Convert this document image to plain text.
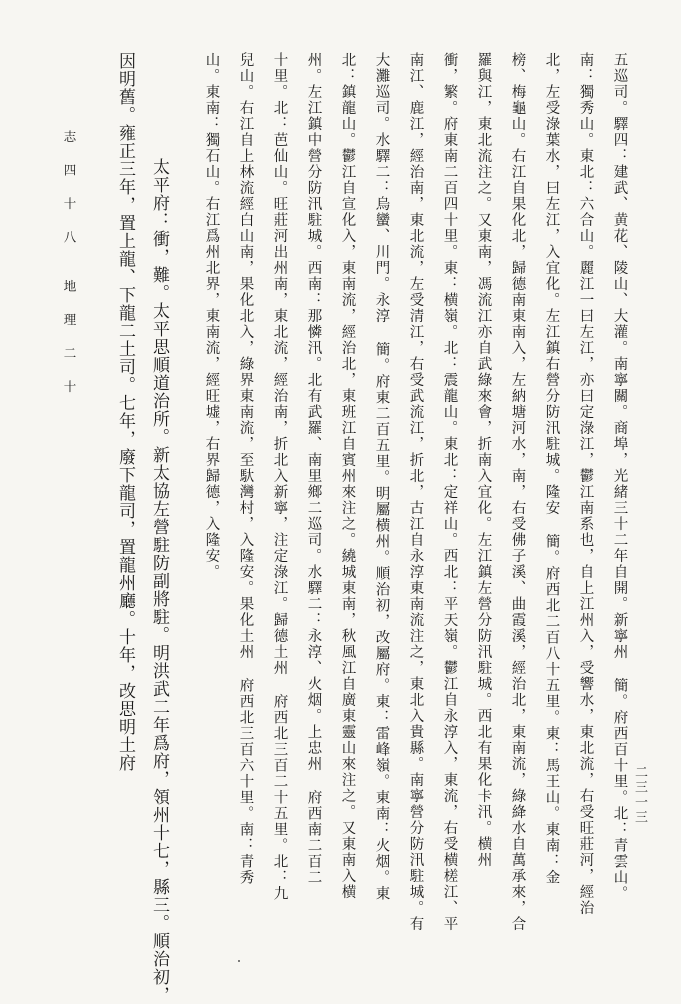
二三一三
五巡司。驛四：建武、黄花、陵山、大灌。南寧關。商埠，光緒三十二年自開。新寧州 簡。府西百十里。北：青雲山。
南：獨秀山。東北：六合山。麗江一曰左江，亦曰定淥江，鬱江南系也，自上江州入，受響水，東北流，右受旺莊河，經治
北，左受淥葉水，曰左江，入宜化。左江鎮右營分防汛駐城。隆安 簡。府西北二百八十五里。東：馬王山。東南：金
榜、梅龜山。右江自果化北，歸德南東南入，左納塘河水，南，右受佛子溪、曲霞溪，經治北，東南流，綠絳水自萬承來，合
羅與江，東北流注之。又東南，馮流江亦自武綠來會，折南入宜化。左江鎮左營分防汛駐城。西北有果化卡汛。横州
衝，繁。府東南二百四十里。東：横嶺。北：震龍山。東北：定祥山。西北：平天嶺。鬱江自永淳入，東流，右受横槎江、平
南江、鹿江，經治南，東北流，左受清江，右受武流江，折北，古江自永淳東南流注之，東北入貴縣。南寧營分防汛駐城。有
大灘巡司。水驛二：烏蠻、川門。永淳 簡。府東二百五里。明屬横州。順治初，改屬府。東：雷峰嶺。東南：火烟。東
北：鎮龍山。鬱江自宣化入，東南流，經治北，東班江自賓州來注之。繞城東南，秋風江自廣東靈山來注之。又東南入横
州。左江鎮中營分防汛駐城。西南：那憐汛。北有武羅、南里鄉二巡司。水驛二：永淳、火烟。上忠州 府西南二百二
十里。北：芭仙山。旺莊河出州南，東北流，經治南，折北入新寧，注定淥江。歸德土州 府西北三百二十五里。北：九
兒山。右江自上林流經白山南，果化北入，綠界東南流，至馱灣村，入隆安。果化土州 府西北三百六十里。南：青秀
山。東南：獨石山。右江爲州北界，東南流，經旺墟，右界歸德，入隆安。
太平府：衝，難。太平思順道治所。新太協左營駐防副將駐。明洪武二年爲府，領州十七，縣三。順治初，
因明舊。雍正三年，置上龍、下龍二土司。七年，廢下龍司，置龍州廳。十年，改思明土府
志 四 十 八　 地 理 二 十
